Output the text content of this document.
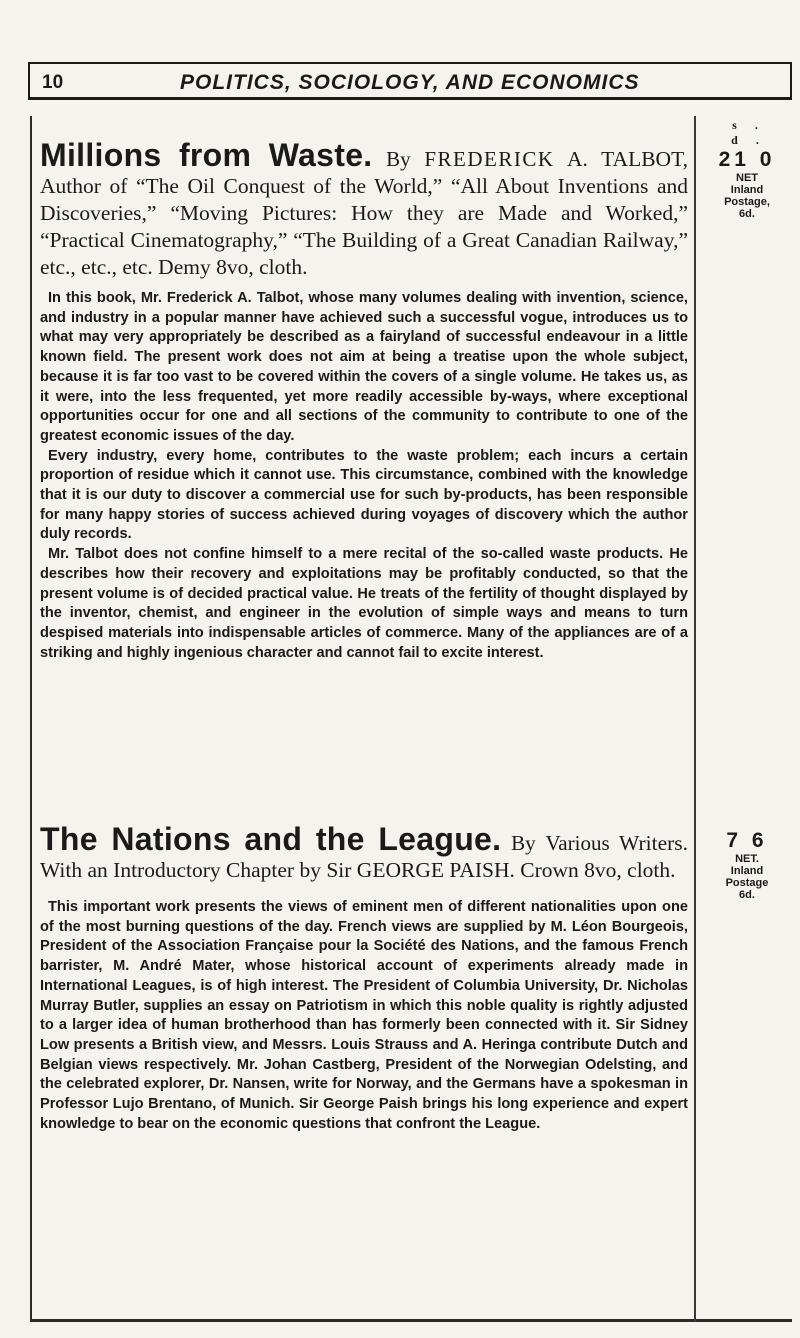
10	POLITICS, SOCIOLOGY, AND ECONOMICS
Millions from Waste. By FREDERICK A. TALBOT, Author of “The Oil Conquest of the World,” “All About Inventions and Discoveries,” “Moving Pictures: How they are Made and Worked,” “Practical Cinematography,” “The Building of a Great Canadian Railway,” etc., etc., etc. Demy 8vo, cloth.

In this book, Mr. Frederick A. Talbot, whose many volumes dealing with invention, science, and industry in a popular manner have achieved such a successful vogue, introduces us to what may very appropriately be described as a fairyland of successful endeavour in a little known field. The present work does not aim at being a treatise upon the whole subject, because it is far too vast to be covered within the covers of a single volume. He takes us, as it were, into the less frequented, yet more readily accessible by-ways, where exceptional opportunities occur for one and all sections of the community to contribute to one of the greatest economic issues of the day.

Every industry, every home, contributes to the waste problem; each incurs a certain proportion of residue which it cannot use. This circumstance, combined with the knowledge that it is our duty to discover a commercial use for such by-products, has been responsible for many happy stories of success achieved during voyages of discovery which the author duly records.

Mr. Talbot does not confine himself to a mere recital of the so-called waste products. He describes how their recovery and exploitations may be profitably conducted, so that the present volume is of decided practical value. He treats of the fertility of thought displayed by the inventor, chemist, and engineer in the evolution of simple ways and means to turn despised materials into indispensable articles of commerce. Many of the appliances are of a striking and highly ingenious character and cannot fail to excite interest.

s. d.
21 0
NET
Inland
Postage,
6d.
The Nations and the League. By Various Writers. With an Introductory Chapter by Sir GEORGE PAISH. Crown 8vo, cloth.

This important work presents the views of eminent men of different nationalities upon one of the most burning questions of the day. French views are supplied by M. Léon Bourgeois, President of the Association Française pour la Société des Nations, and the famous French barrister, M. André Mater, whose historical account of experiments already made in International Leagues, is of high interest. The President of Columbia University, Dr. Nicholas Murray Butler, supplies an essay on Patriotism in which this noble quality is rightly adjusted to a larger idea of human brotherhood than has formerly been connected with it. Sir Sidney Low presents a British view, and Messrs. Louis Strauss and A. Heringa contribute Dutch and Belgian views respectively. Mr. Johan Castberg, President of the Norwegian Odelsting, and the celebrated explorer, Dr. Nansen, write for Norway, and the Germans have a spokesman in Professor Lujo Brentano, of Munich. Sir George Paish brings his long experience and expert knowledge to bear on the economic questions that confront the League.

7 6
NET.
Inland
Postage
6d.
